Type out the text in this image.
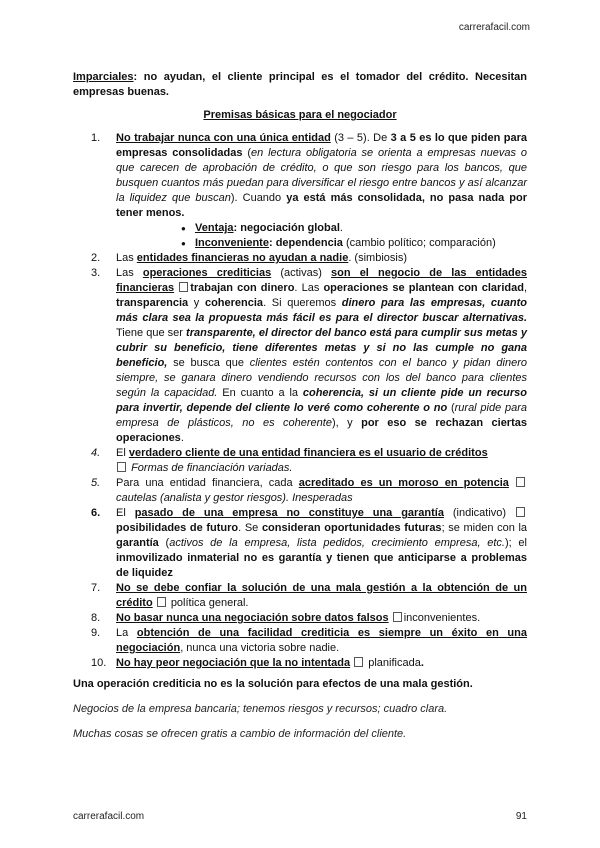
carrerafacil.com

Imparciales: no ayudan, el cliente principal es el tomador del crédito. Necesitan empresas buenas.

Premisas básicas para el negociador

1. No trabajar nunca con una única entidad (3 – 5). De 3 a 5 es lo que piden para empresas consolidadas (en lectura obligatoria se orienta a empresas nuevas o que carecen de aprobación de crédito, o que son riesgo para los bancos, que busquen cuantos más puedan para diversificar el riesgo entre bancos y así alcanzar la liquidez que buscan). Cuando ya está más consolidada, no pasa nada por tener menos.
● Ventaja: negociación global.
● Inconveniente: dependencia (cambio político; comparación)
2. Las entidades financieras no ayudan a nadie. (simbiosis)
3. Las operaciones crediticias (activas) son el negocio de las entidades financieras trabajan con dinero. Las operaciones se plantean con claridad, transparencia y coherencia. Si queremos dinero para las empresas, cuanto más clara sea la propuesta más fácil es para el director buscar alternativas. Tiene que ser transparente, el director del banco está para cumplir sus metas y cubrir su beneficio, tiene diferentes metas y si no las cumple no gana beneficio, se busca que clientes estén contentos con el banco y pidan dinero siempre, se ganara dinero vendiendo recursos con los del banco para clientes según la capacidad. En cuanto a la coherencia, si un cliente pide un recurso para invertir, depende del cliente lo veré como coherente o no (rural pide para empresa de plásticos, no es coherente), y por eso se rechazan ciertas operaciones.
4. El verdadero cliente de una entidad financiera es el usuario de créditos
Formas de financiación variadas.
5. Para una entidad financiera, cada acreditado es un moroso en potencia  cautelas (analista y gestor riesgos). Inesperadas
6. El pasado de una empresa no constituye una garantía (indicativo)  posibilidades de futuro. Se consideran oportunidades futuras; se miden con la garantía (activos de la empresa, lista pedidos, crecimiento empresa, etc.); el inmovilizado inmaterial no es garantía y tienen que anticiparse a problemas de liquidez
7. No se debe confiar la solución de una mala gestión a la obtención de un crédito política general.
8. No basar nunca una negociación sobre datos falsos inconvenientes.
9. La obtención de una facilidad crediticia es siempre un éxito en una negociación, nunca una victoria sobre nadie.
10. No hay peor negociación que la no intentada planificada.

Una operación crediticia no es la solución para efectos de una mala gestión.

Negocios de la empresa bancaria; tenemos riesgos y recursos; cuadro clara.

Muchas cosas se ofrecen gratis a cambio de información del cliente.

carrerafacil.com	91
